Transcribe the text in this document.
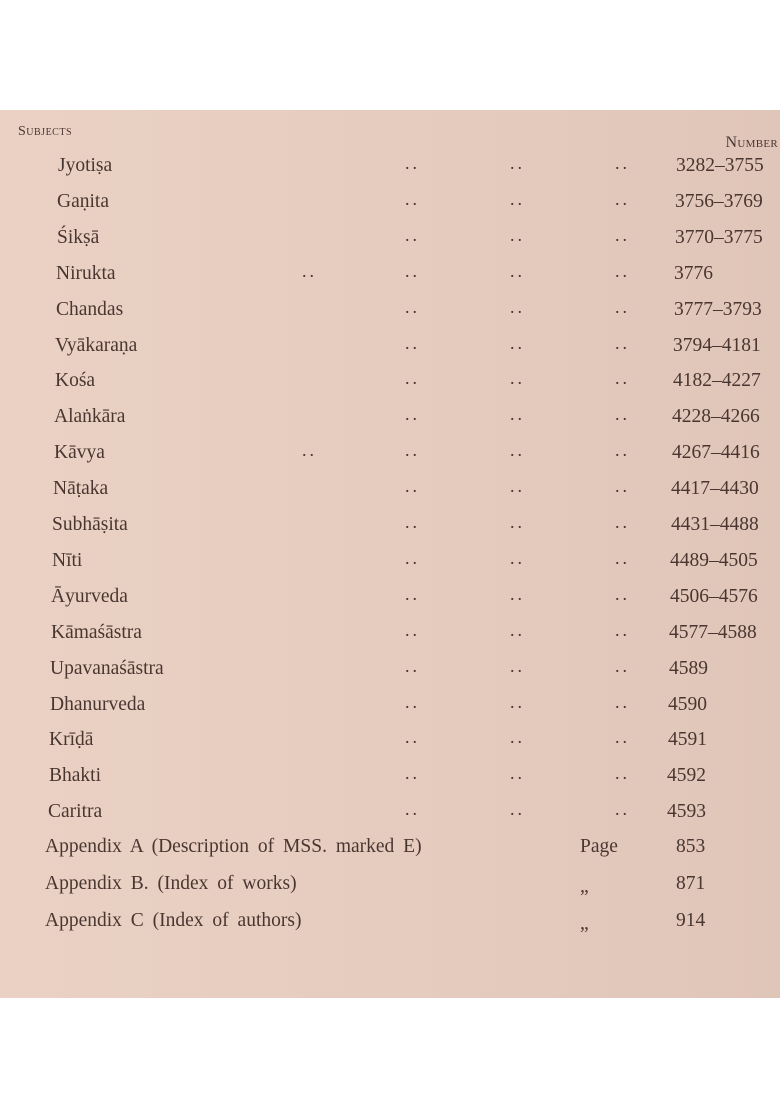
Subjects
Number
Jyotiṣa	..	..	.. 3282–3755
Gaṇita	..	..	.. 3756–3769
Śikṣā	..	..	.. 3770–3775
Nirukta	..	..	..	.. 3776
Chandas	..	..	.. 3777–3793
Vyākaraṇa	..	..	.. 3794–4181
Kośa	..	..	.. 4182–4227
Alaṅkāra	..	..	.. 4228–4266
Kāvya	..	..	..	.. 4267–4416
Nāṭaka	..	..	.. 4417–4430
Subhāṣita	..	..	.. 4431–4488
Nīti	..	..	.. 4489–4505
Āyurveda	..	..	.. 4506–4576
Kāmaśāstra	..	..	.. 4577–4588
Upavanaśāstra	..	..	.. 4589
Dhanurveda	..	..	.. 4590
Krīḍā	..	..	.. 4591
Bhakti	..	..	.. 4592
Caritra	..	..	.. 4593
Appendix A (Description of MSS. marked E)	Page	853
Appendix B. (Index of works)	„	871
Appendix C (Index of authors)	„	914
